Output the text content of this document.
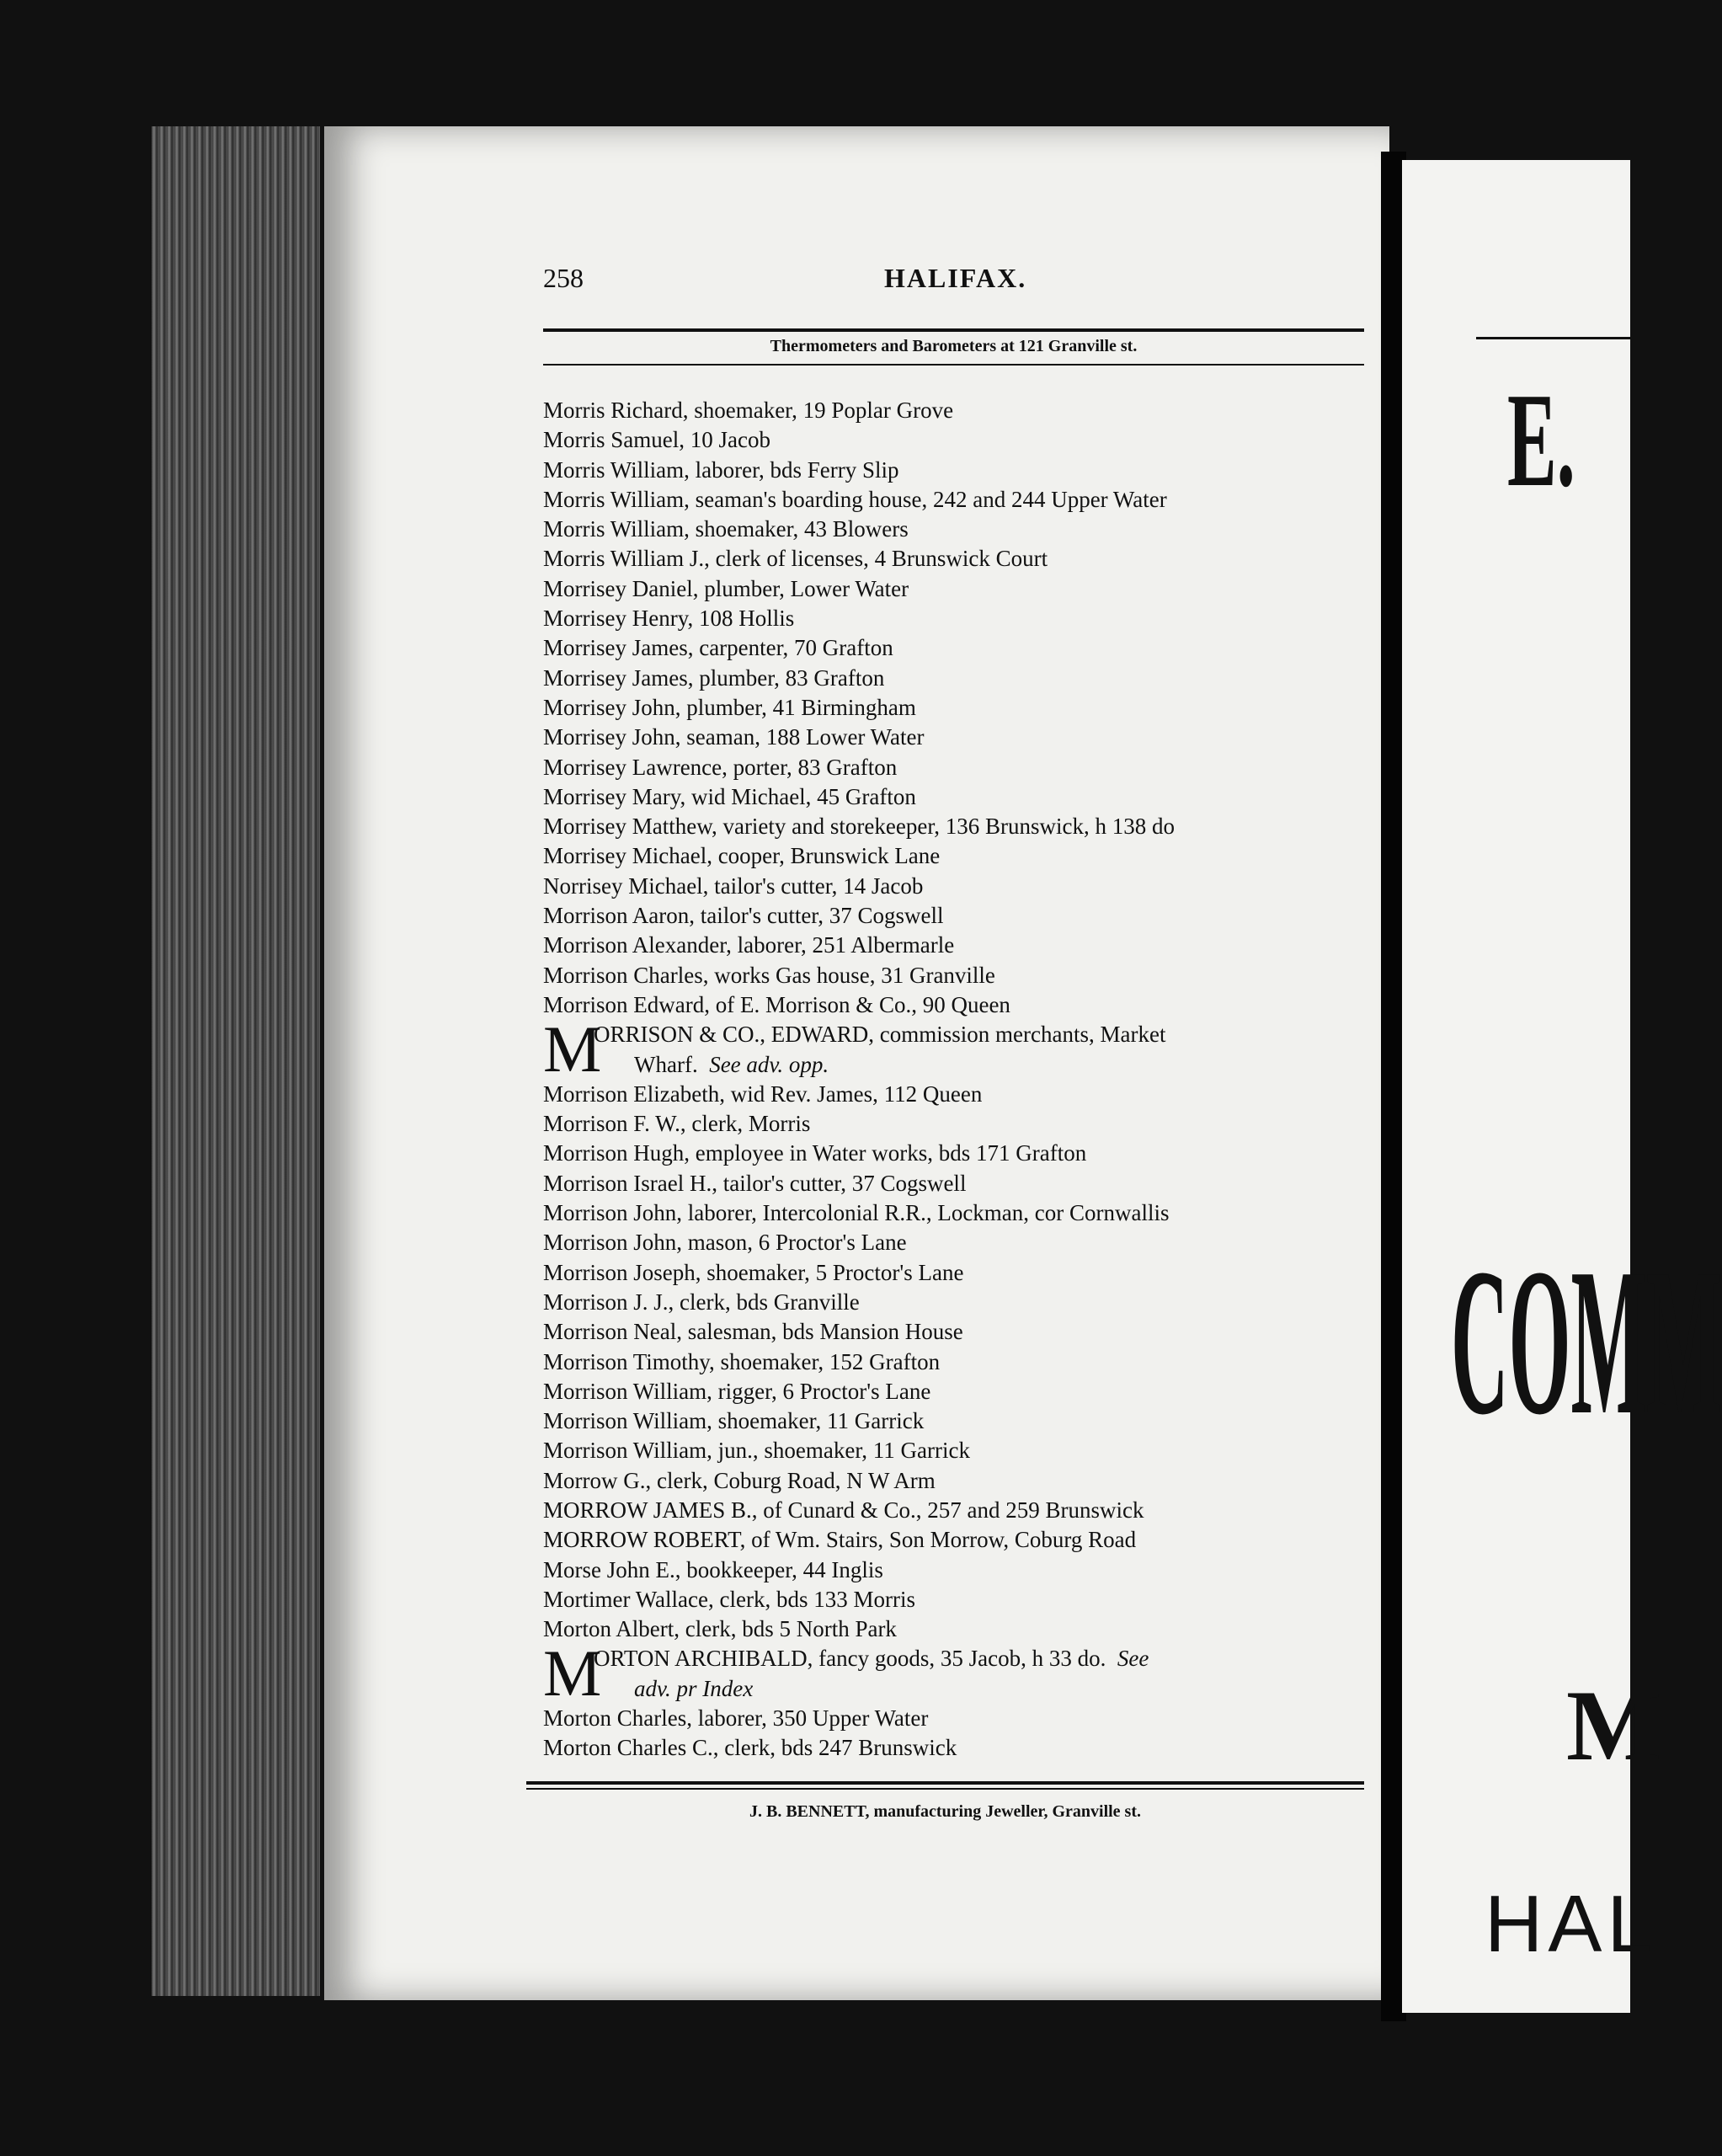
E.
COMM
M
HAL
258	HALIFAX.
Thermometers and Barometers at 121 Granville st.
Morris Richard, shoemaker, 19 Poplar Grove
Morris Samuel, 10 Jacob
Morris William, laborer, bds Ferry Slip
Morris William, seaman's boarding house, 242 and 244 Upper Water
Morris William, shoemaker, 43 Blowers
Morris William J., clerk of licenses, 4 Brunswick Court
Morrisey Daniel, plumber, Lower Water
Morrisey Henry, 108 Hollis
Morrisey James, carpenter, 70 Grafton
Morrisey James, plumber, 83 Grafton
Morrisey John, plumber, 41 Birmingham
Morrisey John, seaman, 188 Lower Water
Morrisey Lawrence, porter, 83 Grafton
Morrisey Mary, wid Michael, 45 Grafton
Morrisey Matthew, variety and storekeeper, 136 Brunswick, h 138 do
Morrisey Michael, cooper, Brunswick Lane
Norrisey Michael, tailor's cutter, 14 Jacob
Morrison Aaron, tailor's cutter, 37 Cogswell
Morrison Alexander, laborer, 251 Albermarle
Morrison Charles, works Gas house, 31 Granville
Morrison Edward, of E. Morrison & Co., 90 Queen
M
ORRISON & CO., EDWARD, commission merchants, Market
Wharf. See adv. opp.
Morrison Elizabeth, wid Rev. James, 112 Queen
Morrison F. W., clerk, Morris
Morrison Hugh, employee in Water works, bds 171 Grafton
Morrison Israel H., tailor's cutter, 37 Cogswell
Morrison John, laborer, Intercolonial R.R., Lockman, cor Cornwallis
Morrison John, mason, 6 Proctor's Lane
Morrison Joseph, shoemaker, 5 Proctor's Lane
Morrison J. J., clerk, bds Granville
Morrison Neal, salesman, bds Mansion House
Morrison Timothy, shoemaker, 152 Grafton
Morrison William, rigger, 6 Proctor's Lane
Morrison William, shoemaker, 11 Garrick
Morrison William, jun., shoemaker, 11 Garrick
Morrow G., clerk, Coburg Road, N W Arm
MORROW JAMES B., of Cunard & Co., 257 and 259 Brunswick
MORROW ROBERT, of Wm. Stairs, Son Morrow, Coburg Road
Morse John E., bookkeeper, 44 Inglis
Mortimer Wallace, clerk, bds 133 Morris
Morton Albert, clerk, bds 5 North Park
M
ORTON ARCHIBALD, fancy goods, 35 Jacob, h 33 do. See
adv. pr Index
Morton Charles, laborer, 350 Upper Water
Morton Charles C., clerk, bds 247 Brunswick
J. B. BENNETT, manufacturing Jeweller, Granville st.
